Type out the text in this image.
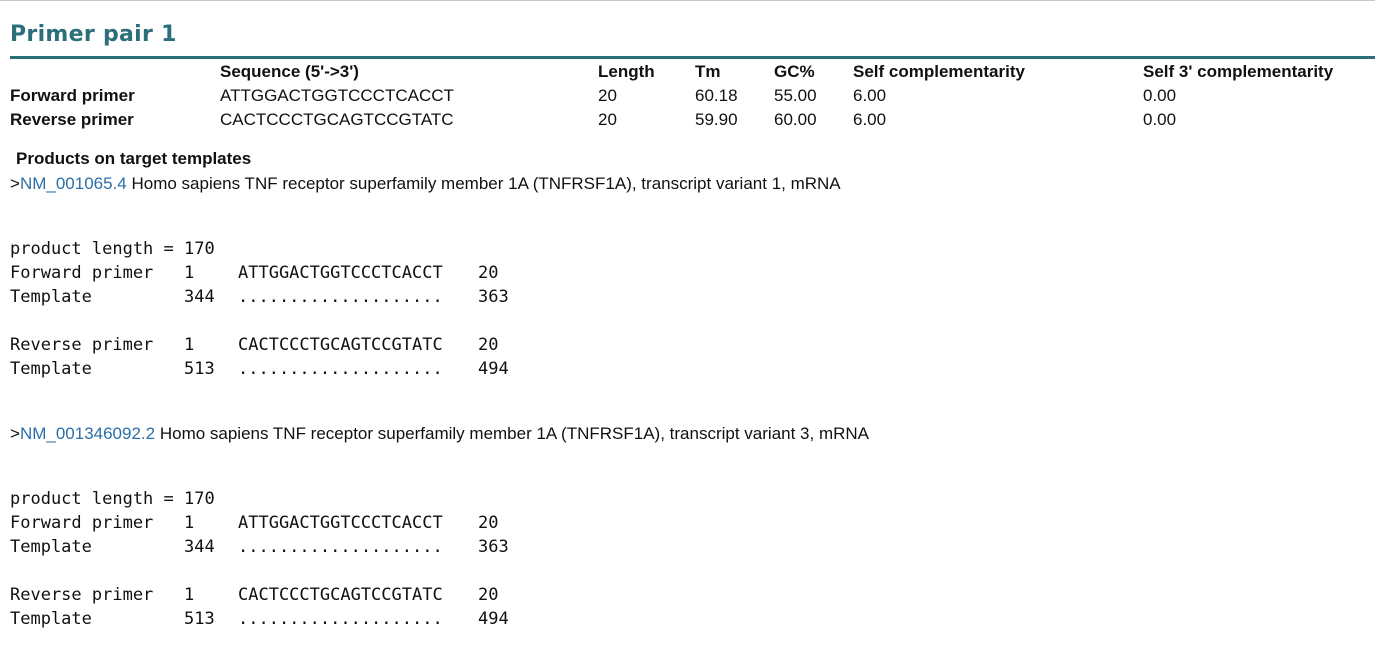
Primer pair 1
	Sequence (5'->3')	Length	Tm	GC%	Self complementarity	Self 3' complementarity
Forward primer	ATTGGACTGGTCCCTCACCT	20	60.18	55.00	6.00	0.00
Reverse primer	CACTCCCTGCAGTCCGTATC	20	59.90	60.00	6.00	0.00
Products on target templates
>NM_001065.4 Homo sapiens TNF receptor superfamily member 1A (TNFRSF1A), transcript variant 1, mRNA
product length = 170
Forward primer 1	ATTGGACTGGTCCCTCACCT 20
Template	344 .................... 363
Reverse primer 1	CACTCCCTGCAGTCCGTATC 20
Template	513 .................... 494
>NM_001346092.2 Homo sapiens TNF receptor superfamily member 1A (TNFRSF1A), transcript variant 3, mRNA
product length = 170
Forward primer 1	ATTGGACTGGTCCCTCACCT 20
Template	344 .................... 363
Reverse primer 1	CACTCCCTGCAGTCCGTATC 20
Template	513 .................... 494
